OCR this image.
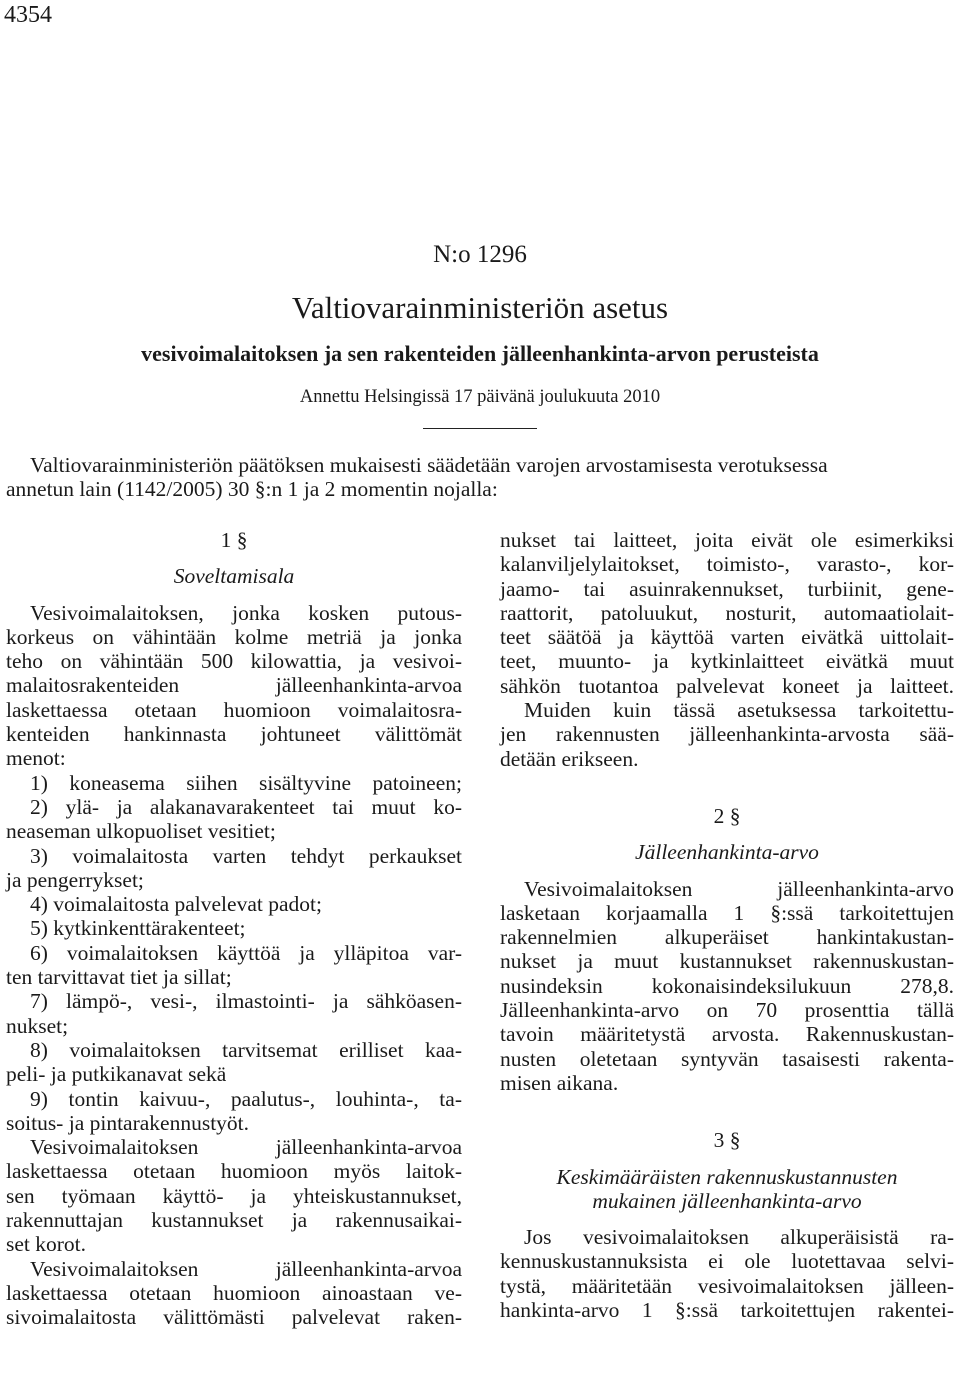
4354
N:o 1296
Valtiovarainministeriön asetus
vesivoimalaitoksen ja sen rakenteiden jälleenhankinta-arvon perusteista
Annettu Helsingissä 17 päivänä joulukuuta 2010
Valtiovarainministeriön päätöksen mukaisesti säädetään varojen arvostamisesta verotuksessa
annetun lain (1142/2005) 30 §:n 1 ja 2 momentin nojalla:
1 §
Soveltamisala
Vesivoimalaitoksen, jonka kosken putous-
korkeus on vähintään kolme metriä ja jonka
teho on vähintään 500 kilowattia, ja vesivoi-
malaitosrakenteiden jälleenhankinta-arvoa
laskettaessa otetaan huomioon voimalaitosra-
kenteiden hankinnasta johtuneet välittömät
menot:
1) koneasema siihen sisältyvine patoineen;
2) ylä- ja alakanavarakenteet tai muut ko-
neaseman ulkopuoliset vesitiet;
3) voimalaitosta varten tehdyt perkaukset
ja pengerrykset;
4) voimalaitosta palvelevat padot;
5) kytkinkenttärakenteet;
6) voimalaitoksen käyttöä ja ylläpitoa var-
ten tarvittavat tiet ja sillat;
7) lämpö-, vesi-, ilmastointi- ja sähköasen-
nukset;
8) voimalaitoksen tarvitsemat erilliset kaa-
peli- ja putkikanavat sekä
9) tontin kaivuu-, paalutus-, louhinta-, ta-
soitus- ja pintarakennustyöt.
Vesivoimalaitoksen jälleenhankinta-arvoa
laskettaessa otetaan huomioon myös laitok-
sen työmaan käyttö- ja yhteiskustannukset,
rakennuttajan kustannukset ja rakennusaikai-
set korot.
Vesivoimalaitoksen jälleenhankinta-arvoa
laskettaessa otetaan huomioon ainoastaan ve-
sivoimalaitosta välittömästi palvelevat raken-
nukset tai laitteet, joita eivät ole esimerkiksi
kalanviljelylaitokset, toimisto-, varasto-, kor-
jaamo- tai asuinrakennukset, turbiinit, gene-
raattorit, patoluukut, nosturit, automaatiolait-
teet säätöä ja käyttöä varten eivätkä uittolait-
teet, muunto- ja kytkinlaitteet eivätkä muut
sähkön tuotantoa palvelevat koneet ja laitteet.
Muiden kuin tässä asetuksessa tarkoitettu-
jen rakennusten jälleenhankinta-arvosta sää-
detään erikseen.
2 §
Jälleenhankinta-arvo
Vesivoimalaitoksen jälleenhankinta-arvo
lasketaan korjaamalla 1 §:ssä tarkoitettujen
rakennelmien alkuperäiset hankintakustan-
nukset ja muut kustannukset rakennuskustan-
nusindeksin kokonaisindeksilukuun 278,8.
Jälleenhankinta-arvo on 70 prosenttia tällä
tavoin määritetystä arvosta. Rakennuskustan-
nusten oletetaan syntyvän tasaisesti rakenta-
misen aikana.
3 §
Keskimääräisten rakennuskustannusten
mukainen jälleenhankinta-arvo
Jos vesivoimalaitoksen alkuperäisistä ra-
kennuskustannuksista ei ole luotettavaa selvi-
tystä, määritetään vesivoimalaitoksen jälleen-
hankinta-arvo 1 §:ssä tarkoitettujen rakentei-
